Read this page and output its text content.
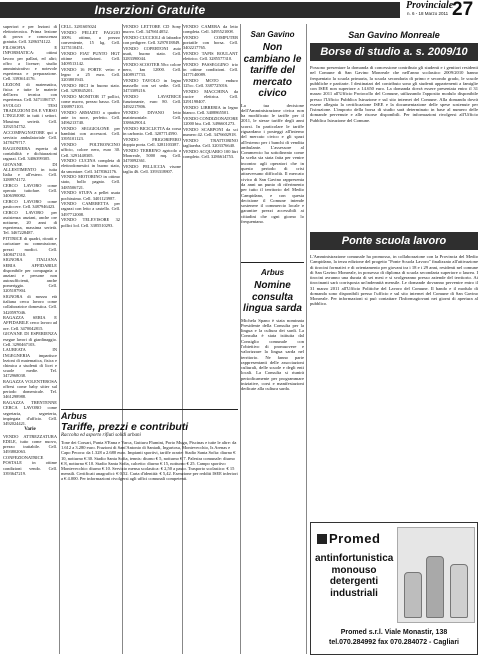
Inserzioni Gratuite	Provinciale
n. 6 - 18 Marzo 2011 27

superiori e per lezioni di elettrotecnica. Prima lezione di prova e conoscenza gratuita. Cell. 3286374122.

FILOSOFIA E INFORMATICA: ottimi lavoro per pallari, ed altri; offro a licenze; studio amministrativo e notevole esperienza e preparazione. Cell. 3393614176.

LEZIONI di matematica, fisica e tutte le materie dell'area tecnica con esperienza. Cell. 3471186737.

SVOLGO TESI TRADUZIONI DA E VERSO L'INGLESE in tutti i settori. Massima serietà. Cell. 3292154752.

ACCOMPAGNATORE qui a servizio ambulatoriale Cell. 3478479717.

RAGIONIERA esperta di contabilità e dichiarazioni ragazzi. Cell. 3406399305.

GIOVANE DI ALLESTIMENTO in tutta Italia e all'estero. Cell. 3288974172.

CERCO LAVORO come operaio tuttofare. Cell. 3406390082.

CERCO LAVORO come pasticcere. Cell. 3487946423.

CERCO LAVORO per assistenza anziani, anche ore notturne, 20 anni di esperienza, massima serietà. Tel. 3467228487.

PITTRICE di quadri, ritratti e caricature su commissione, prezzi modici. Cell. 3408471310.

SIGNORA ITALIANA SERIA AFFIDABILE disponibile per compagnia a anziani e persone non autosufficienti, anche pomeriggio. Cell. 3205187904.

SIGNORA di mezza età italiana cerca lavoro come collaboratrice domestica. Cell. 3420597046.

RAGAZZA SERIA E AFFIDABILE cerco lavoro ad ore. Cell. 3470042815.

GIOVANE DI ESPERIENZA esegue lavori di giardinaggio. Cell. 3290467103.

LAUREATA IN INGEGNERIA impartisce lezioni di matematica, fisica e chimica a studenti di licei e scuole medie. Tel. 3472968038.

RAGAZZA VOLENTEROSA offresi come baby sitter sul periodo domenicale. Tel. 3461298988.

RAGAZZA TRENTENNE CERCA LAVORO come segretaria, segreteria, impiegata d'ufficio. Cell. 3492024421.

Varie

VENDO ATTREZZATURA EDILE, tutto come nuovo, prezzo trattabile. Cell. 3493802063.

CONFEZIONATRICE POSTALE in ottime condizioni vendo. Cell. 3393647219.

CELL. 3281605024

VENDO PELLET FAGGIO 100% ottimo, a prezzo conveniente, 15 kg. Cell. 3275110451.

VENDO FIAT PUNTO HGT ottime condizioni. Cell. 3409513142.

VENDO 16 PORTE vetro e legno a 25 euro. Cell. 3203801943.

VENDO BICI in buono stato. Cell. 3293845201.

VENDO MONITOR 17 pollici, come nuovo, prezzo basso. Cell. 3388971103.

VENDO ARMADIO a quattro ante in noce, perfetto. Cell. 3496213740.

VENDO SEGGIOLONE per bambini con accessori. Cell. 3395101123.

VENDO POLTRONCINO ufficio, colore nero, euro 30. Cell. 3291448305.

VENDO CUCINA completa di elettrodomestici in buono stato, da smontare. Cell. 3478362176.

VENDO MOTORINO in ottimo stato, bollo pagato. Cell. 3485506721.

VENDO STUFA a pellet usata pochissimo. Cell. 3401123987.

VENDO CAMERETTA per ragazzi con letto a castello. Cell. 3497712008.

VENDO TELEVISORE 32 pollici lcd. Cell. 3385510293.

VENDO LETTORE CD Sony nuovo. Cell. 3476614052.

VENDO CUCCIOLI di labrador con pedigree. Cell. 3297018849.

VENDO COPERTONI auto usati, buono stato. Cell. 3283390044.

VENDO SCOOTER 50cc colore nero, km 12000. Cell. 3408917733.

VENDO TAVOLO in legno massello con sei sedie. Cell. 3473309216.

VENDO LAVATRICE funzionante, euro 80. Cell. 3492217806.

VENDO DIVANO letto matrimoniale. Cell. 3386629014.

VENDO BICICLETTA da corsa in carbonio. Cell. 3207714590.

VENDO FRIGORIFERO doppia porta. Cell. 3281103387.

VENDO TERRENO agricolo a Monreale, 5000 mq. Cell. 3470092361.

VENDO PELLICCIA visone taglia 46. Cell. 3393318807.

VENDO CAMERA da letto completa. Cell. 3495521008.

VENDO COMPUTER portatile con borsa. Cell. 3402217765.

VENDO TAPIS ROULANT elettrico. Cell. 3285577310.

VENDO PASSEGGINO trio in ottime condizioni. Cell. 3477140089.

VENDO MOTO enduro 125cc. Cell. 3387725016.

VENDO MACCHINA da cucire elettrica. Cell. 3291198407.

VENDO LIBRERIA in legno bianco. Cell. 3408865501.

VENDO CONDIZIONATORE 12000 btu. Cell. 3496601273.

VENDO SCARPONI da sci numero 42. Cell. 3476602918.

VENDO TRATTORINO tagliaerba. Cell. 3203376640.

VENDO ACQUARIO 100 litri completo. Cell. 3286614753.

San Gavino
Non cambiano le tariffe del mercato civico

La tua decisione dell'Amministrazione civica non ha modificato le tariffe per il 2011, le stesse tariffe degli anni scorsi. In particolare le tariffe riguardano i posteggi all'interno del mercato civico e gli spazi all'esterno per i banchi di vendita ambulante. L'assessore al Commercio ha sottolineato come la scelta sia stata fatta per venire incontro agli operatori che in questo periodo di crisi attraversano difficoltà. Il mercato civico di San Gavino rappresenta da anni un punto di riferimento per tutto il territorio del Medio Campidano, e con questa decisione il Comune intende sostenere il commercio locale e garantire prezzi accessibili ai cittadini che ogni giorno lo frequentano.

Arbus
Nomine consulta lingua sarda

Michela Spano è stata nominata Presidente della Consulta per la lingua e la cultura dei sardi. La Consulta è stata istituita dal Consiglio comunale con l'obiettivo di promuovere e valorizzare la lingua sarda nel territorio. Ne fanno parte rappresentanti delle associazioni culturali, delle scuole e degli enti locali. La Consulta si riunirà periodicamente per programmare iniziative, corsi e manifestazioni dedicate alla cultura sarda.

San Gavino Monreale
Borse di studio a. s. 2009/10
Possono presentare la domanda di concessione contributo gli studenti e i genitori residenti nel Comune di San Gavino Monreale che nell'anno scolastico 2009/2010 hanno frequentato la scuola primaria, la scuola secondaria di primo e secondo grado, le scuole pubbliche e paritarie. I destinatari del contributo sono gli studenti appartenenti a famiglie con ISEE non superiore a 14.650 euro. La domanda dovrà essere presentata entro il 31 marzo 2011 all'Ufficio Protocollo del Comune, utilizzando l'apposito modulo disponibile presso l'Ufficio Pubblica Istruzione e sul sito internet del Comune. Alla domanda dovrà essere allegata la certificazione ISEE e la documentazione delle spese sostenute per l'istruzione. L'importo della borsa di studio sarà determinato in base al numero delle domande pervenute e alle risorse disponibili. Per informazioni rivolgersi all'Ufficio Pubblica Istruzione del Comune.
Ponte scuola lavoro
L'Amministrazione comunale ha promosso, in collaborazione con la Provincia del Medio Campidano, la terza edizione del progetto "Ponte Scuola Lavoro" finalizzato all'attivazione di tirocini formativi e di orientamento per giovani tra i 18 e i 29 anni, residenti nel comune di San Gavino Monreale, in possesso di diploma di scuola secondaria superiore o laurea. I tirocini avranno una durata di sei mesi e si svolgeranno presso aziende del territorio. Ai tirocinanti sarà corrisposta un'indennità mensile. Le domande dovranno pervenire entro il 31 marzo 2011 all'Ufficio Politiche del Lavoro del Comune. Il bando e il modulo di domanda sono disponibili presso l'ufficio e sul sito internet del Comune di San Gavino Monreale. Per informazioni si può contattare l'Informagiovani nei giorni di apertura al pubblico.
Arbus
Tariffe, prezzi e contributi
Raccolta ed asporto rifiuti solidi urbani

Tone dei Corsari, Punta S'Enna e Varca, Gutturu Flumini, Porto Mugu, Piscinas e tutte le altre: da 1.612 a 3.280 euro. Frazioni di Sant'Antonio di Santadi, Ingurtosu, Montevecchio, Is Arenas e Capo Pecora: da 1.328 a 2.680 euro. Impianti sportivi, tariffe orarie: Stadio Santa Sofia: diurno € 10, notturno € 30. Stadio Santa Sofia, tennis: diurno € 5, notturno € 7. Palestra comunale: diurno € 8, notturno € 10. Stadio Santa Sofia, calcetto: diurno € 15, notturno € 25. Campo sportivo Montevecchio: diurno € 10. Servizio mensa scolastica: € 2,50 a pasto. Trasporto scolastico: € 15 mensili. Certificati anagrafici: € 0,52. Carta d'identità: € 5,42. Esenzione per redditi ISEE inferiori a € 4.000. Per informazioni rivolgersi agli uffici comunali competenti.

Promed
antinfortunistica monouso detergenti industriali
Promed s.r.l. Viale Monastir, 138
tel.070.284992 fax 070.284072 - Cagliari
